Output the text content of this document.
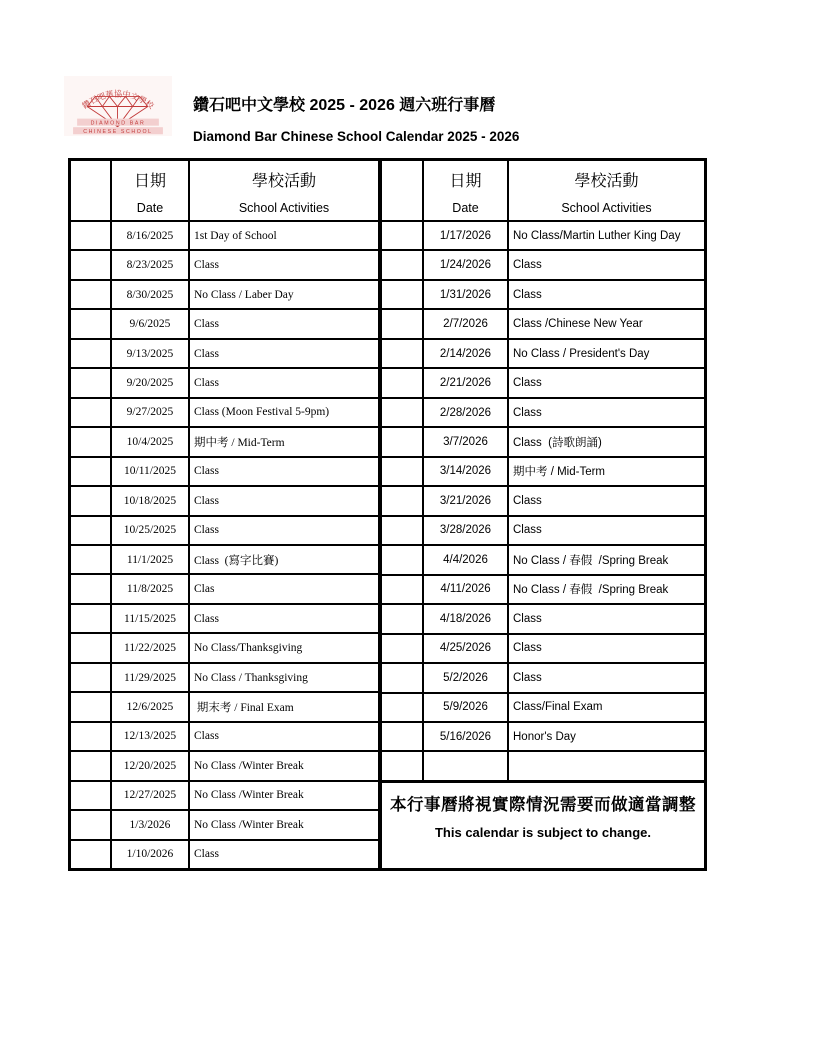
鑽石吧華協中文學校
DIAMOND BAR
CHINESE SCHOOL
鑽石吧中文學校 2025 - 2026 週六班行事曆
Diamond Bar Chinese School Calendar 2025 - 2026
日期
Date
學校活動
School Activities
8/16/2025	1st Day of School
8/23/2025	Class
8/30/2025	No Class / Laber Day
9/6/2025	Class
9/13/2025	Class
9/20/2025	Class
9/27/2025	Class (Moon Festival 5-9pm)
10/4/2025	期中考 / Mid-Term
10/11/2025	Class
10/18/2025	Class
10/25/2025	Class
11/1/2025	Class  (寫字比賽)
11/8/2025	Clas
11/15/2025	Class
11/22/2025	No Class/Thanksgiving
11/29/2025	No Class / Thanksgiving
12/6/2025	期末考 / Final Exam
12/13/2025	Class
12/20/2025	No Class /Winter Break
12/27/2025	No Class /Winter Break
1/3/2026	No Class /Winter Break
1/10/2026	Class
日期
Date
學校活動
School Activities
1/17/2026	No Class/Martin Luther King Day
1/24/2026	Class
1/31/2026	Class
2/7/2026	Class /Chinese New Year
2/14/2026	No Class / President's Day
2/21/2026	Class
2/28/2026	Class
3/7/2026	Class  (詩歌朗誦)
3/14/2026	期中考 / Mid-Term
3/21/2026	Class
3/28/2026	Class
4/4/2026	No Class / 春假  /Spring Break
4/11/2026	No Class / 春假  /Spring Break
4/18/2026	Class
4/25/2026	Class
5/2/2026	Class
5/9/2026	Class/Final Exam
5/16/2026	Honor's Day
本行事曆將視實際情況需要而做適當調整
This calendar is subject to change.
